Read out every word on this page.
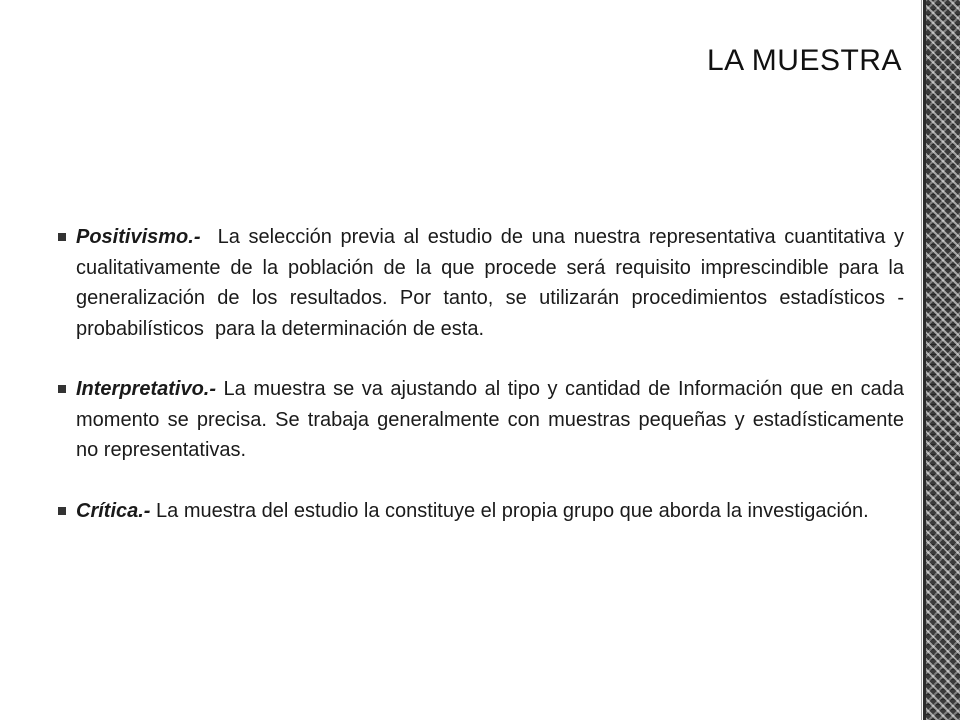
LA MUESTRA

Positivismo.-  La selección previa al estudio de una nuestra representativa cuantitativa y cualitativamente de la población de la que procede será requisito imprescindible para la generalización de los resultados. Por tanto, se utilizarán procedimientos estadísticos - probabilísticos  para la determinación de esta.

Interpretativo.- La muestra se va ajustando al tipo y cantidad de Información que en cada momento se precisa. Se trabaja generalmente con muestras pequeñas y estadísticamente no representativas.

Crítica.- La muestra del estudio la constituye el propia grupo que aborda la investigación.
